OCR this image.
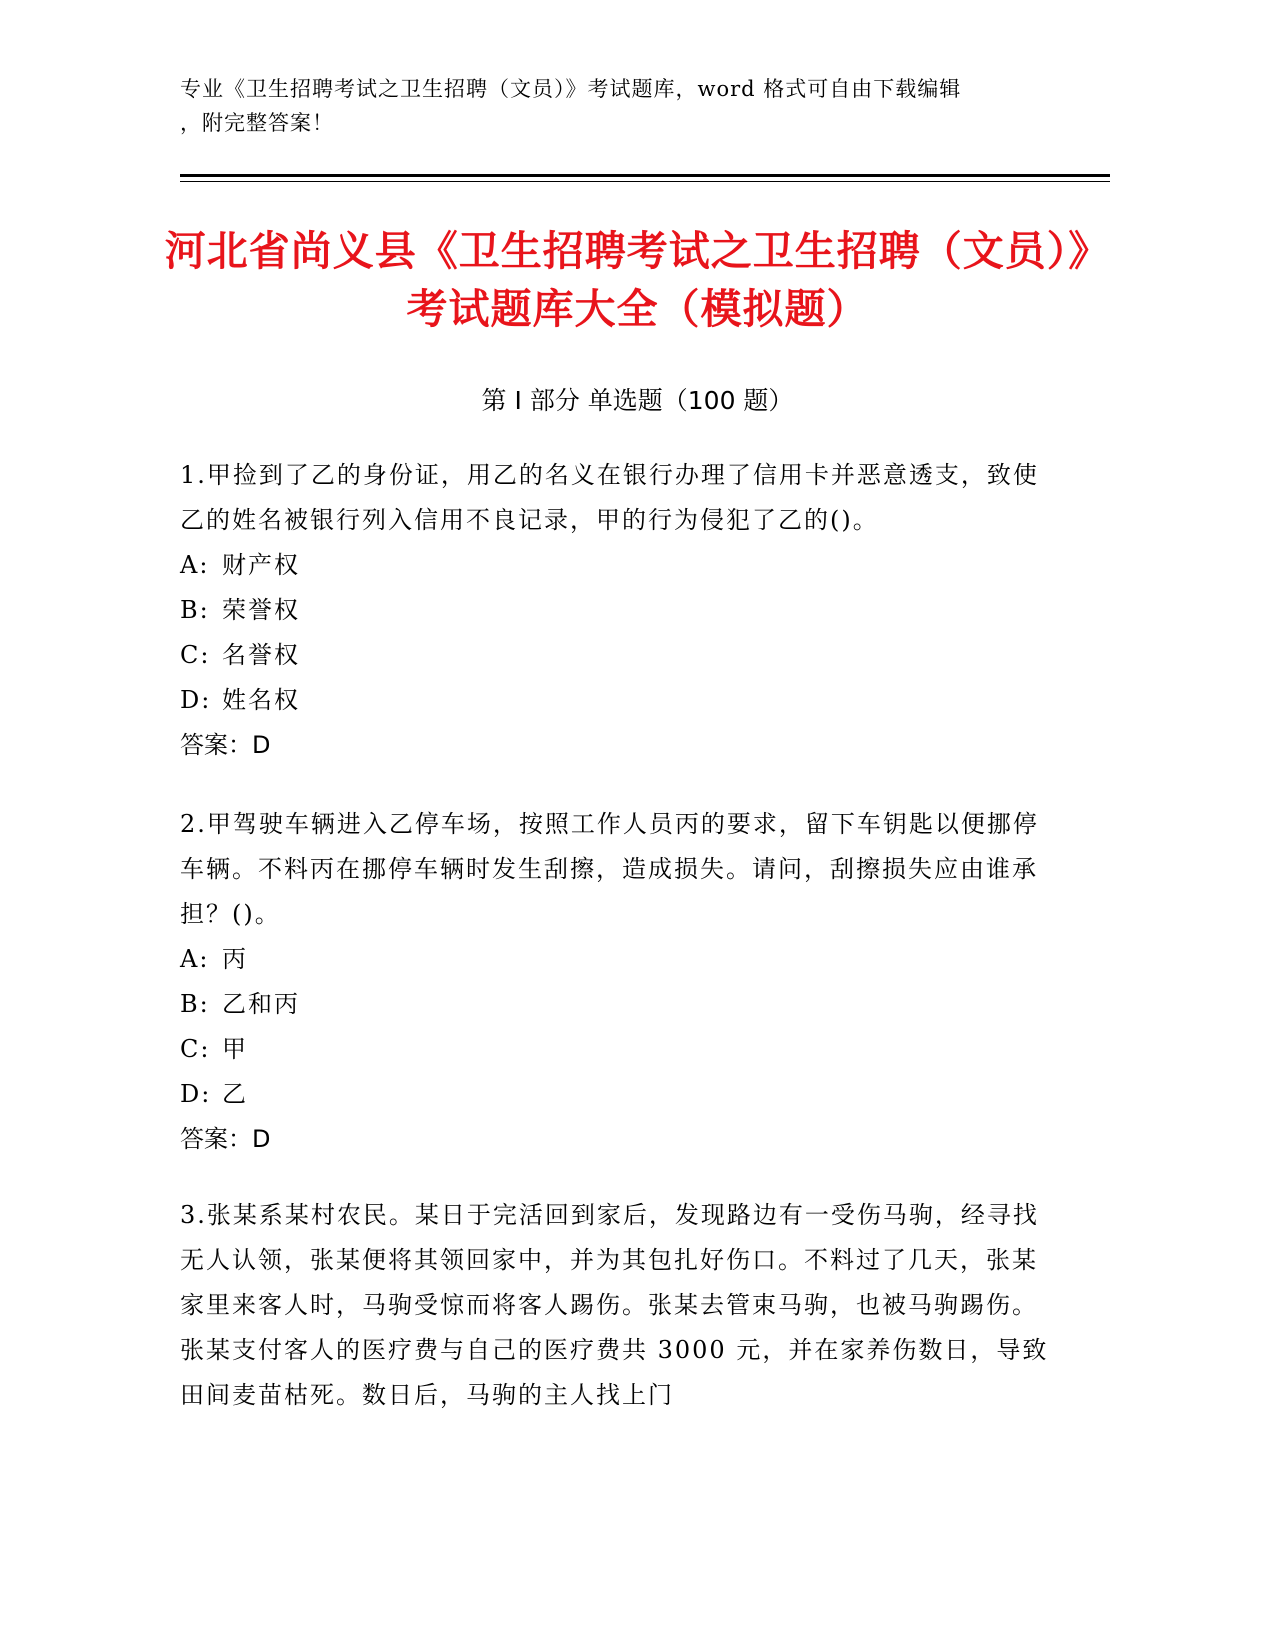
专业《卫生招聘考试之卫生招聘（文员）》考试题库，word 格式可自由下载编辑
，附完整答案！
河北省尚义县《卫生招聘考试之卫生招聘（文员）》考试题库大全（模拟题）
第 I 部分 单选题（100 题）
1.甲捡到了乙的身份证，用乙的名义在银行办理了信用卡并恶意透支，致使乙的姓名被银行列入信用不良记录，甲的行为侵犯了乙的()。
A: 财产权
B: 荣誉权
C: 名誉权
D: 姓名权
答案：D
2.甲驾驶车辆进入乙停车场，按照工作人员丙的要求，留下车钥匙以便挪停车辆。不料丙在挪停车辆时发生刮擦，造成损失。请问，刮擦损失应由谁承担？()。
A: 丙
B: 乙和丙
C: 甲
D: 乙
答案：D
3.张某系某村农民。某日于完活回到家后，发现路边有一受伤马驹，经寻找无人认领，张某便将其领回家中，并为其包扎好伤口。不料过了几天，张某家里来客人时，马驹受惊而将客人踢伤。张某去管束马驹，也被马驹踢伤。张某支付客人的医疗费与自己的医疗费共 3000 元，并在家养伤数日，导致田间麦苗枯死。数日后，马驹的主人找上门
